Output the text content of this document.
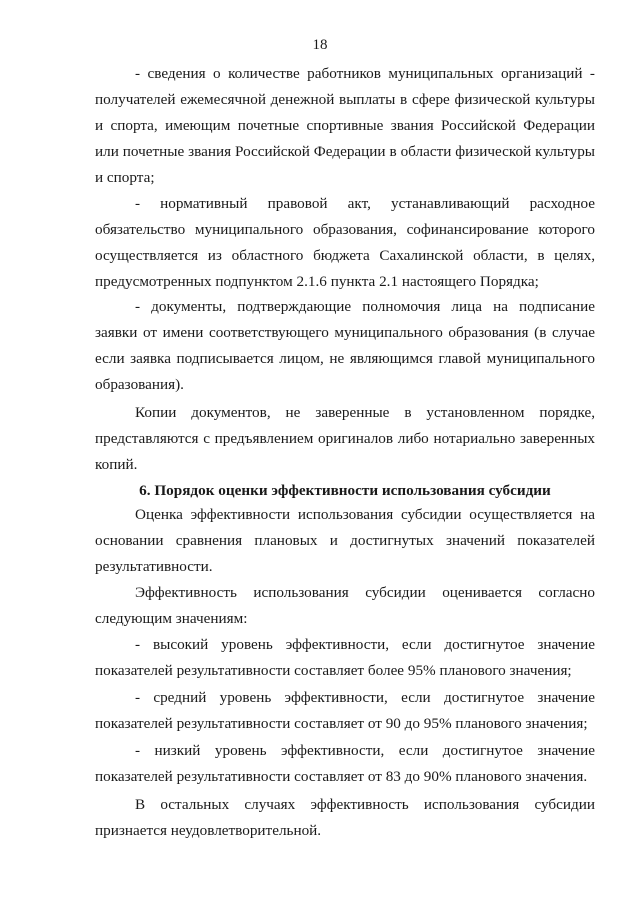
18

- сведения о количестве работников муниципальных организаций - получателей ежемесячной денежной выплаты в сфере физической культуры и спорта, имеющим почетные спортивные звания Российской Федерации или почетные звания Российской Федерации в области физической культуры и спорта;

- нормативный правовой акт, устанавливающий расходное обязательство муниципального образования, софинансирование которого осуществляется из областного бюджета Сахалинской области, в целях, предусмотренных подпунктом 2.1.6 пункта 2.1 настоящего Порядка;

- документы, подтверждающие полномочия лица на подписание заявки от имени соответствующего муниципального образования (в случае если заявка подписывается лицом, не являющимся главой муниципального образования).

Копии документов, не заверенные в установленном порядке, представляются с предъявлением оригиналов либо нотариально заверенных копий.

6. Порядок оценки эффективности использования субсидии

Оценка эффективности использования субсидии осуществляется на основании сравнения плановых и достигнутых значений показателей результативности.

Эффективность использования субсидии оценивается согласно следующим значениям:

- высокий уровень эффективности, если достигнутое значение показателей результативности составляет более 95% планового значения;

- средний уровень эффективности, если достигнутое значение показателей результативности составляет от 90 до 95% планового значения;

- низкий уровень эффективности, если достигнутое значение показателей результативности составляет от 83 до 90% планового значения.

В остальных случаях эффективность использования субсидии признается неудовлетворительной.
